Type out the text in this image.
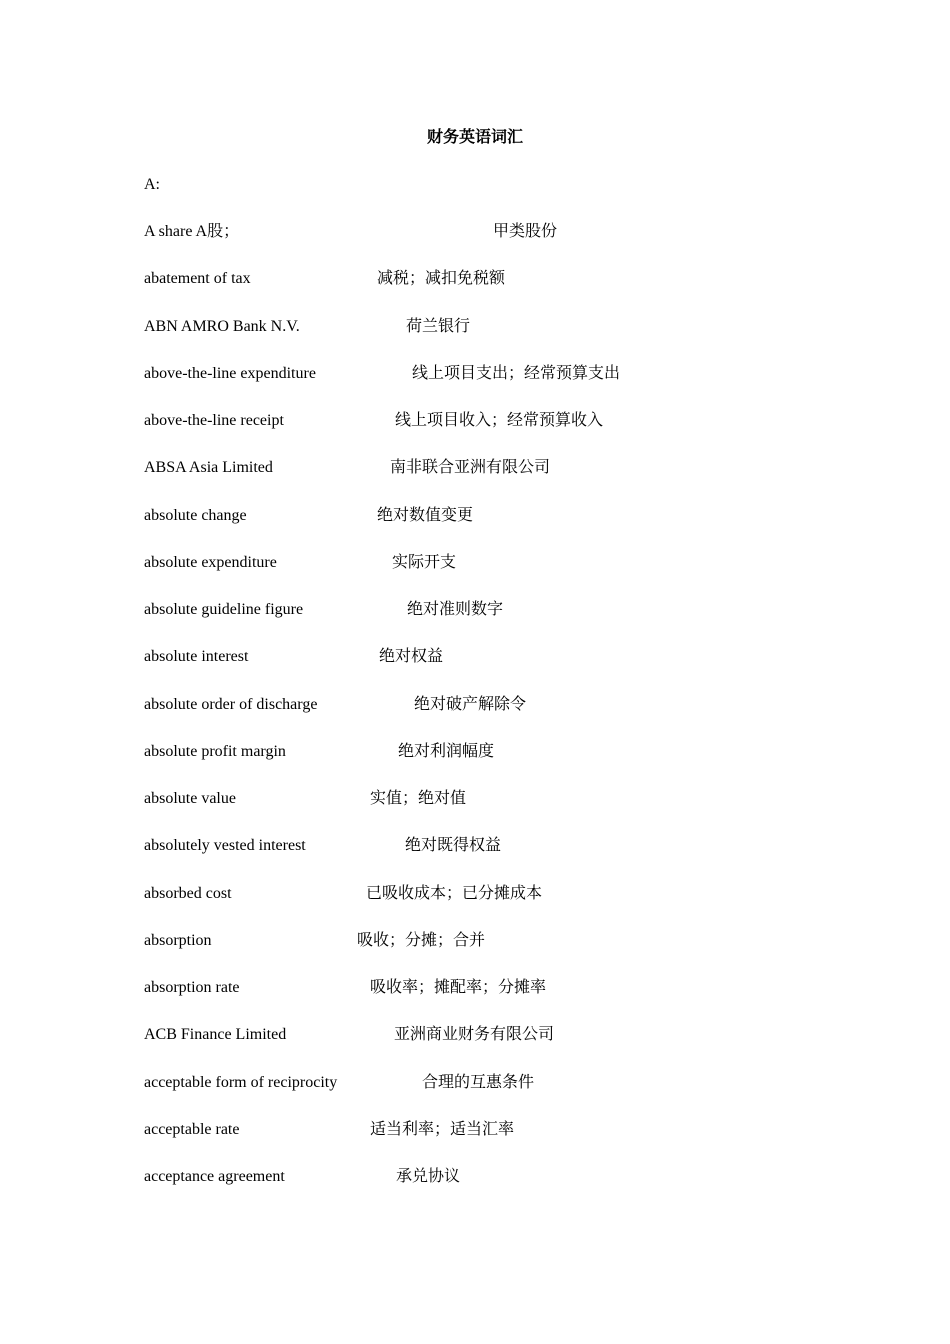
财务英语词汇
A:
A share A股；	甲类股份
abatement of tax	减税；减扣免税额
ABN AMRO Bank N.V.	荷兰银行
above-the-line expenditure	线上项目支出；经常预算支出
above-the-line receipt	线上项目收入；经常预算收入
ABSA Asia Limited	南非联合亚洲有限公司
absolute change	绝对数值变更
absolute expenditure	实际开支
absolute guideline figure	绝对准则数字
absolute interest	绝对权益
absolute order of discharge	绝对破产解除令
absolute profit margin	绝对利润幅度
absolute value	实值；绝对值
absolutely vested interest	绝对既得权益
absorbed cost	已吸收成本；已分摊成本
absorption	吸收；分摊；合并
absorption rate	吸收率；摊配率；分摊率
ACB Finance Limited	亚洲商业财务有限公司
acceptable form of reciprocity	合理的互惠条件
acceptable rate	适当利率；适当汇率
acceptance agreement	承兑协议
